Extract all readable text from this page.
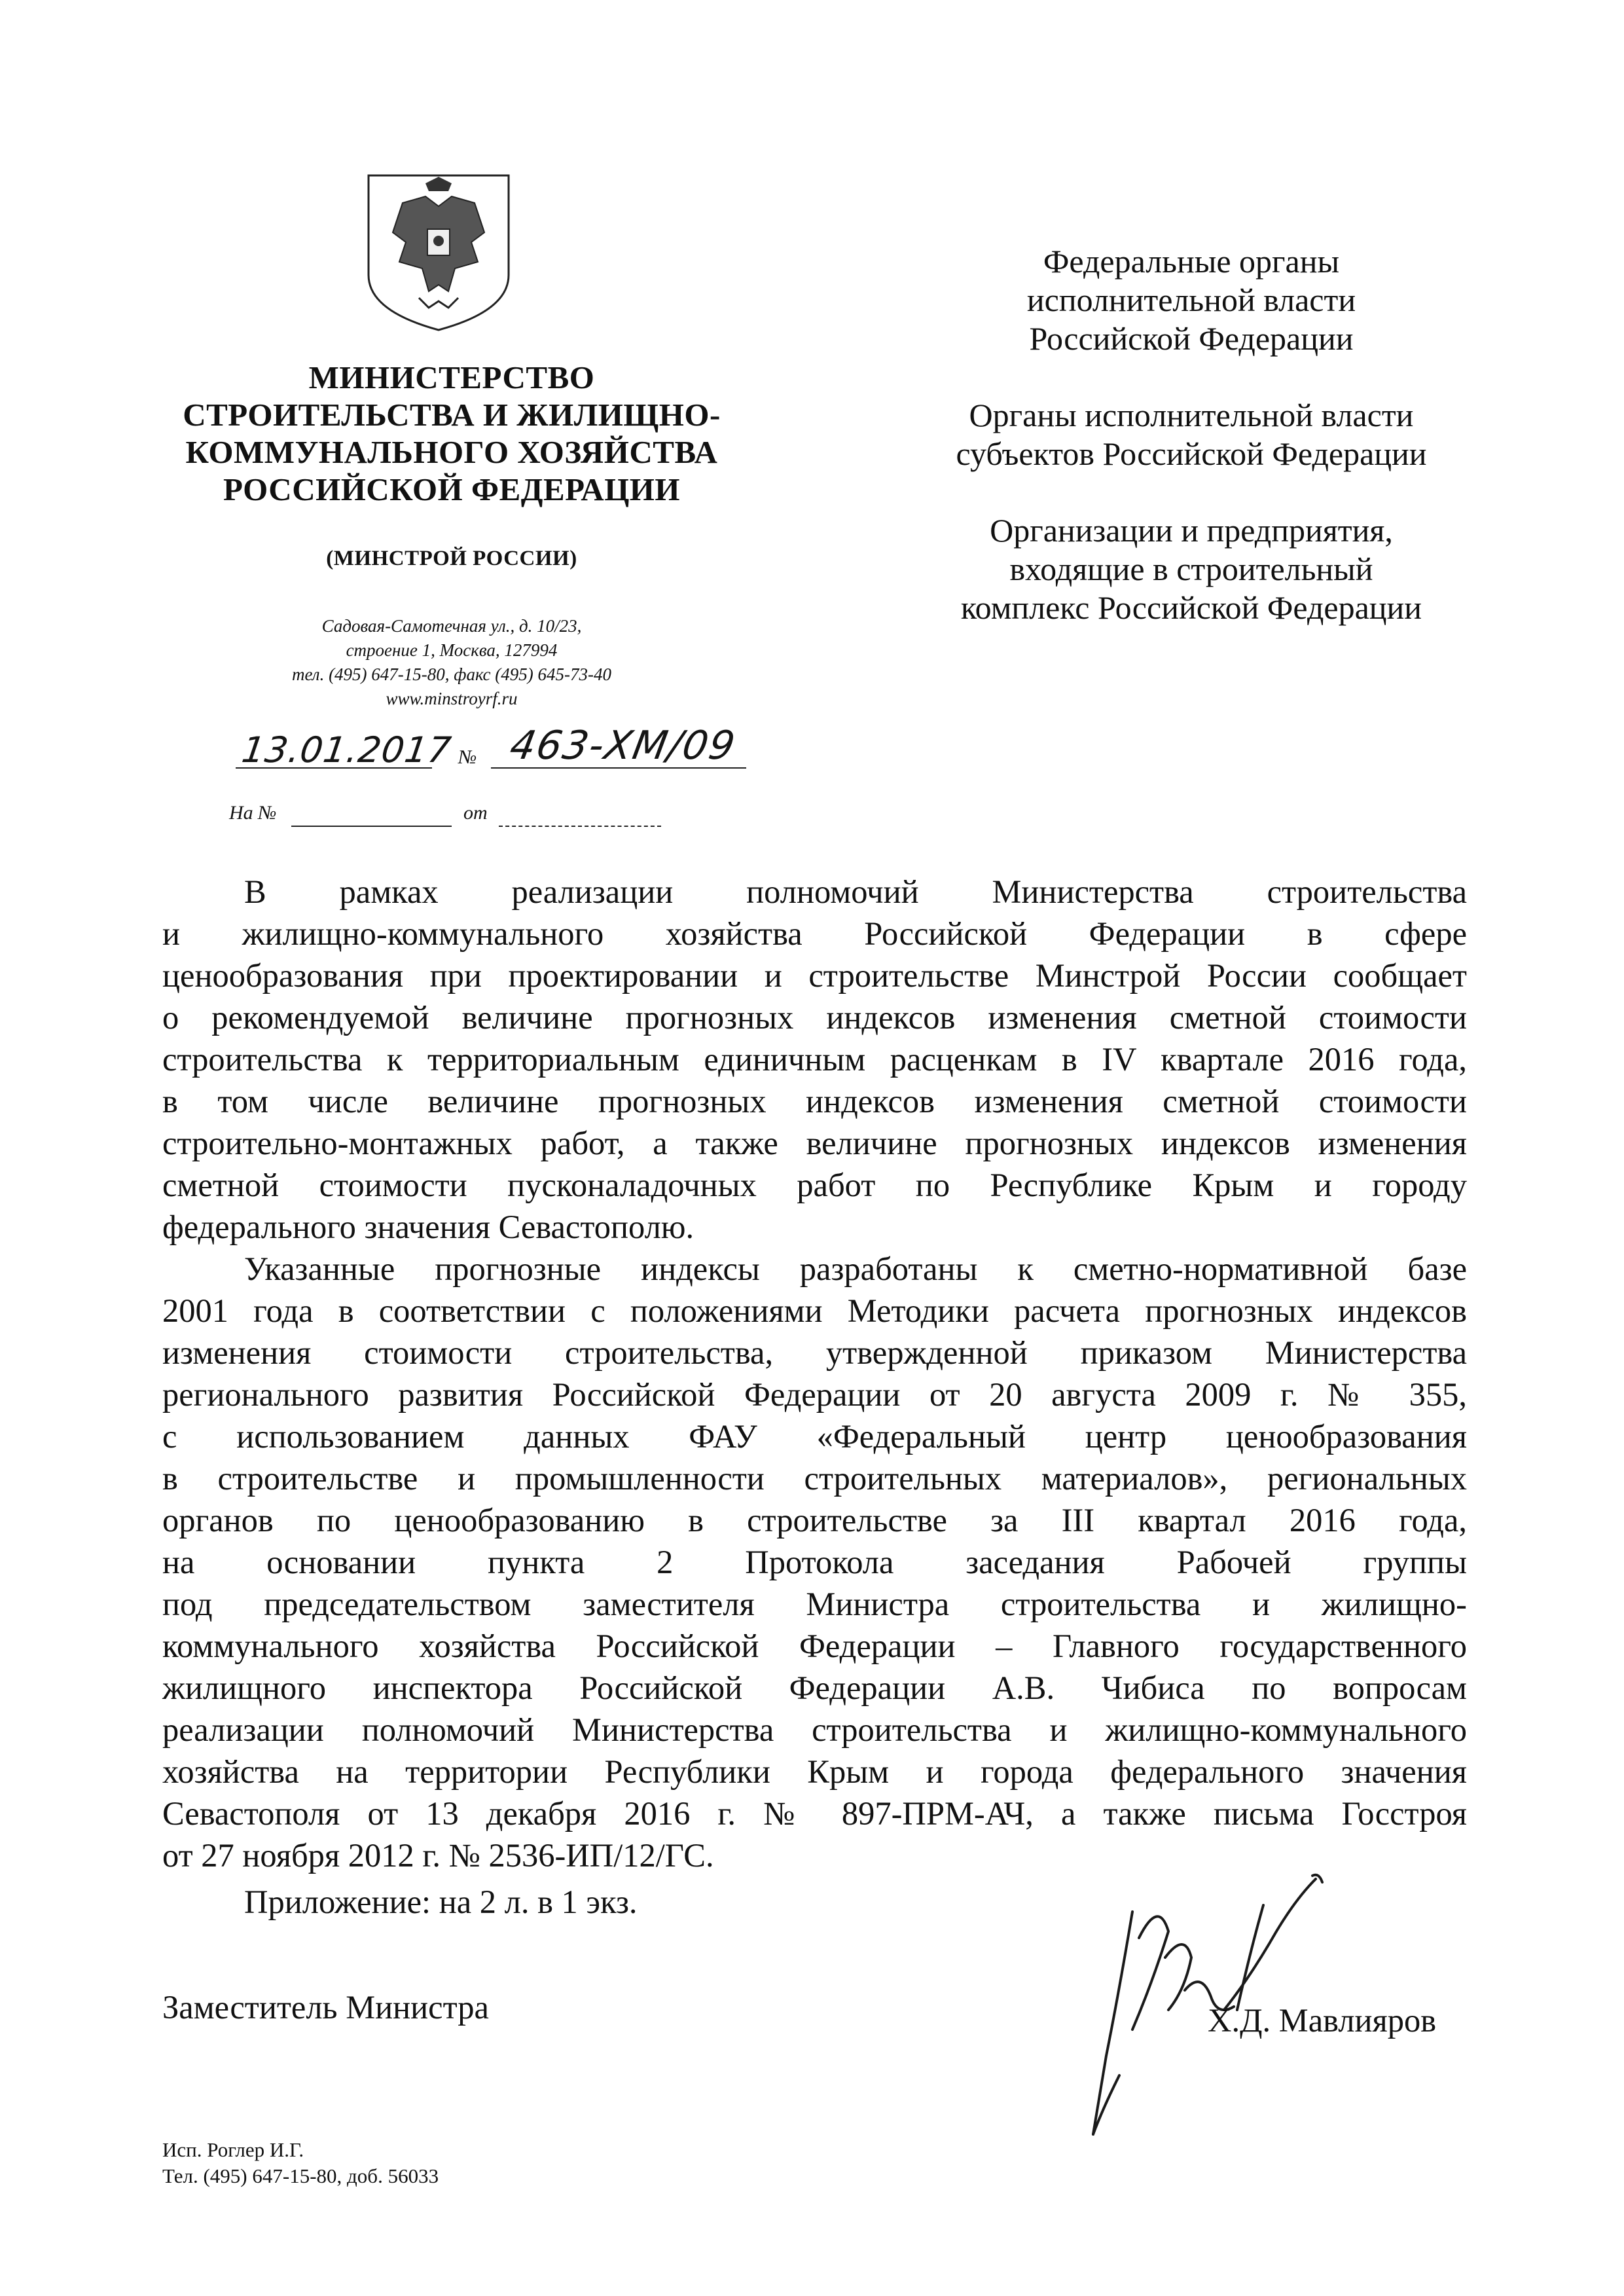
МИНИСТЕРСТВО
СТРОИТЕЛЬСТВА И ЖИЛИЩНО-
КОММУНАЛЬНОГО ХОЗЯЙСТВА
РОССИЙСКОЙ ФЕДЕРАЦИИ
(МИНСТРОЙ РОССИИ)
Садовая-Самотечная ул., д. 10/23,
строение 1, Москва, 127994
тел. (495) 647-15-80, факс (495) 645-73-40
www.minstroyrf.ru
13.01.2017 № 463-ХМ/09
На №	от
Федеральные органы
исполнительной власти
Российской Федерации
Органы исполнительной власти
субъектов Российской Федерации
Организации и предприятия,
входящие в строительный
комплекс Российской Федерации
В рамках реализации полномочий Министерства строительства
и жилищно-коммунального хозяйства Российской Федерации в сфере
ценообразования при проектировании и строительстве Минстрой России сообщает
о рекомендуемой величине прогнозных индексов изменения сметной стоимости
строительства к территориальным единичным расценкам в IV квартале 2016 года,
в том числе величине прогнозных индексов изменения сметной стоимости
строительно-монтажных работ, а также величине прогнозных индексов изменения
сметной стоимости пусконаладочных работ по Республике Крым и городу
федерального значения Севастополю.
Указанные прогнозные индексы разработаны к сметно-нормативной базе
2001 года в соответствии с положениями Методики расчета прогнозных индексов
изменения стоимости строительства, утвержденной приказом Министерства
регионального развития Российской Федерации от 20 августа 2009 г. № 355,
с использованием данных ФАУ «Федеральный центр ценообразования
в строительстве и промышленности строительных материалов», региональных
органов по ценообразованию в строительстве за III квартал 2016 года,
на основании пункта 2 Протокола заседания Рабочей группы
под председательством заместителя Министра строительства и жилищно-
коммунального хозяйства Российской Федерации – Главного государственного
жилищного инспектора Российской Федерации А.В. Чибиса по вопросам
реализации полномочий Министерства строительства и жилищно-коммунального
хозяйства на территории Республики Крым и города федерального значения
Севастополя от 13 декабря 2016 г. № 897-ПРМ-АЧ, а также письма Госстроя
от 27 ноября 2012 г. № 2536-ИП/12/ГС.
Приложение: на 2 л. в 1 экз.
Заместитель Министра	Х.Д. Мавлияров
Исп. Роглер И.Г.
Тел. (495) 647-15-80, доб. 56033
